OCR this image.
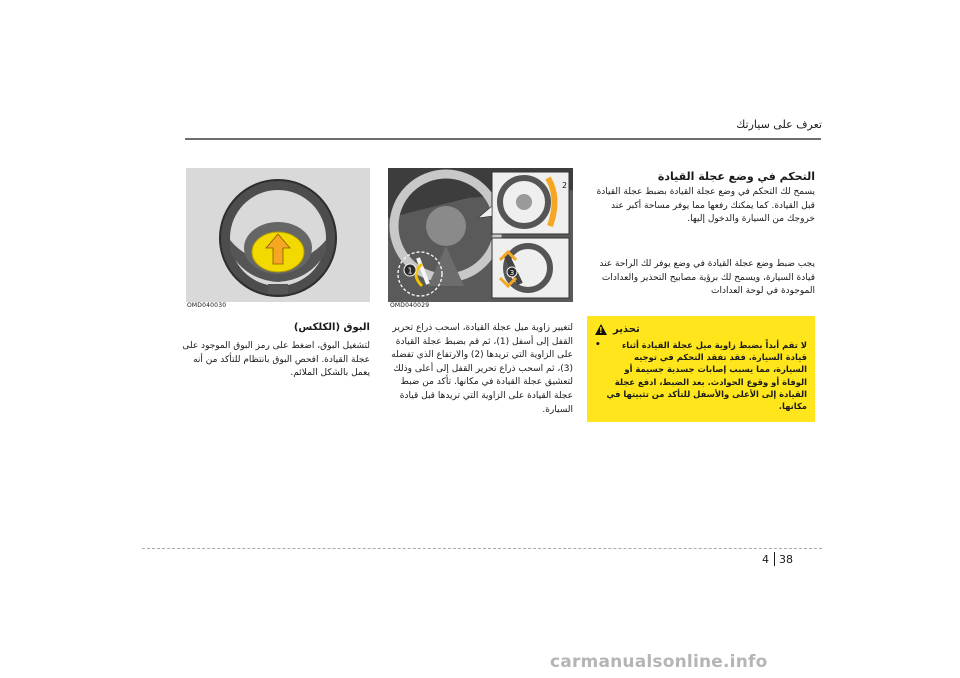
تعرف على سيارتك
التحكم في وضع عجلة القيادة
يسمح لك التحكم في وضع عجلة القيادة بضبط عجلة القيادة قبل القيادة. كما يمكنك رفعها مما يوفر مساحة أكبر عند خروجك من السيارة والدخول إليها.
يجب ضبط وضع عجلة القيادة في وضع يوفر لك الراحة عند قيادة السيارة، ويسمح لك برؤية مصابيح التحذير والعدادات الموجودة في لوحة العدادات
! تحذير
•	لا تقم أبداً بضبط زاوية ميل عجلة القيادة أثناء قيادة السيارة. فقد تفقد التحكم في توجيه السيارة، مما يسبب إصابات جسدية جسيمة أو الوفاة أو وقوع الحوادث. بعد الضبط، ادفع عجلة القيادة إلى الأعلى والأسفل للتأكد من تثبيتها في مكانها.
لتغيير زاوية ميل عجلة القيادة، اسحب ذراع تحرير القفل إلى أسفل (1)، ثم قم بضبط عجلة القيادة على الزاوية التي تريدها (2) والارتفاع الذي تفضله (3)، ثم اسحب ذراع تحرير القفل إلى أعلى وذلك لتعشيق عجلة القيادة في مكانها. تأكد من ضبط عجلة القيادة على الزاوية التي تريدها قبل قيادة السيارة.
البوق (الكلكس)
لتشغيل البوق، اضغط على رمز البوق الموجود على عجلة القيادة. افحص البوق بانتظام للتأكد من أنه يعمل بالشكل الملائم.
OMD040030
1
2
3
OMD040029
4 38
carmanualsonline.info
